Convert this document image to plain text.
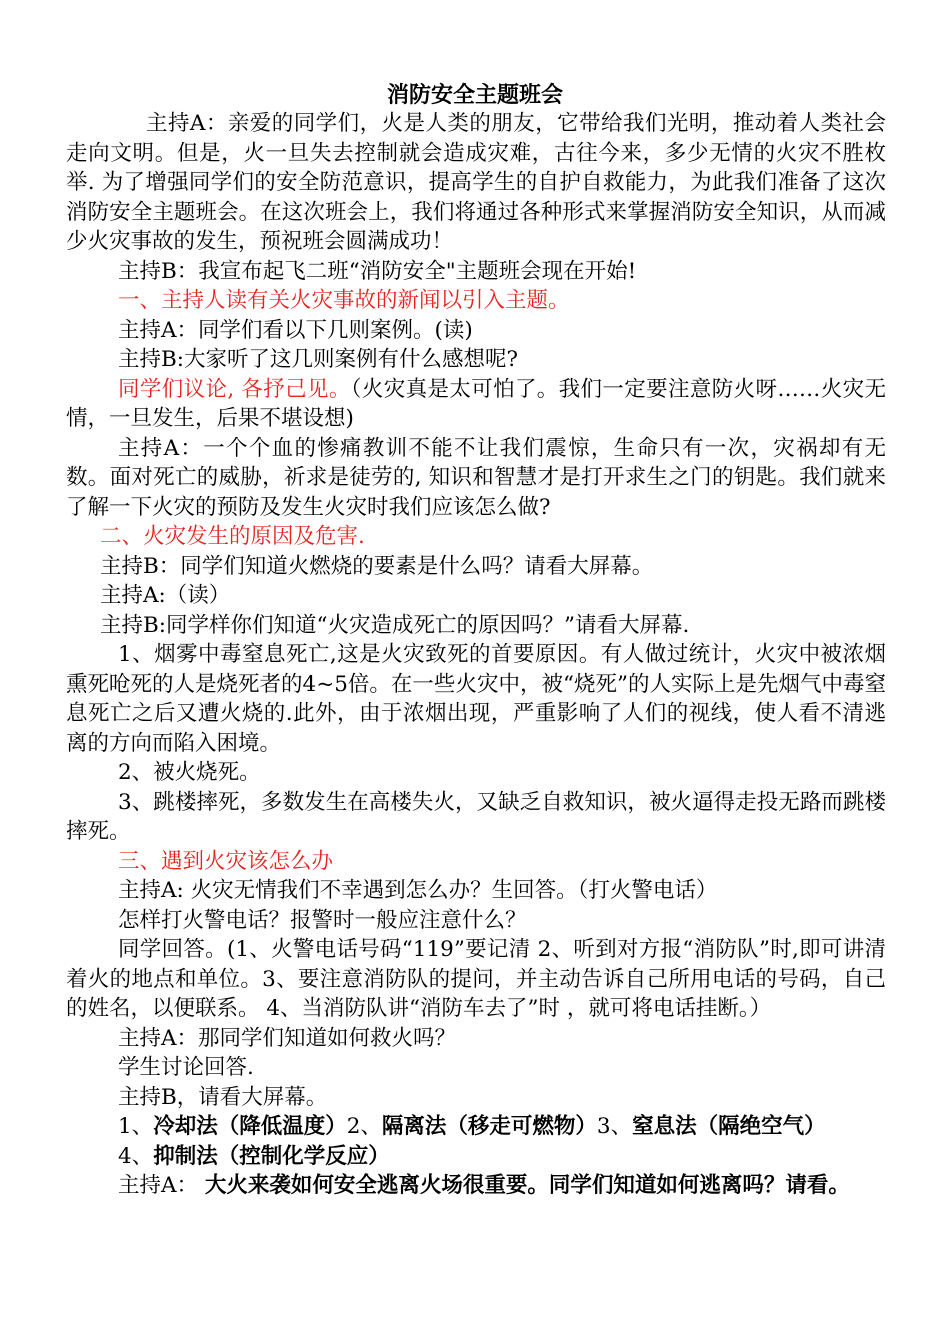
消防安全主题班会

主持A：亲爱的同学们，火是人类的朋友，它带给我们光明，推动着人类社会走向文明。但是，火一旦失去控制就会造成灾难，古往今来，多少无情的火灾不胜枚举. 为了增强同学们的安全防范意识，提高学生的自护自救能力，为此我们准备了这次消防安全主题班会。在这次班会上，我们将通过各种形式来掌握消防安全知识，从而减少火灾事故的发生，预祝班会圆满成功！

主持B：我宣布起飞二班“消防安全"主题班会现在开始!

一、主持人读有关火灾事故的新闻以引入主题。

主持A：同学们看以下几则案例。(读)

主持B:大家听了这几则案例有什么感想呢?

同学们议论, 各抒己见。（火灾真是太可怕了。我们一定要注意防火呀……火灾无情，一旦发生，后果不堪设想)

主持A：一个个血的惨痛教训不能不让我们震惊，生命只有一次，灾祸却有无数。面对死亡的威胁，祈求是徒劳的, 知识和智慧才是打开求生之门的钥匙。我们就来了解一下火灾的预防及发生火灾时我们应该怎么做?

二、火灾发生的原因及危害.

主持B：同学们知道火燃烧的要素是什么吗？请看大屏幕。

主持A:（读）

主持B:同学样你们知道“火灾造成死亡的原因吗？”请看大屏幕.

1、烟雾中毒窒息死亡,这是火灾致死的首要原因。有人做过统计，火灾中被浓烟熏死呛死的人是烧死者的4~5倍。在一些火灾中，被“烧死”的人实际上是先烟气中毒窒息死亡之后又遭火烧的.此外，由于浓烟出现，严重影响了人们的视线，使人看不清逃离的方向而陷入困境。

2、被火烧死。

3、跳楼摔死，多数发生在高楼失火，又缺乏自救知识，被火逼得走投无路而跳楼摔死。

三、遇到火灾该怎么办

主持A: 火灾无情我们不幸遇到怎么办？生回答。（打火警电话）

怎样打火警电话？报警时一般应注意什么？

同学回答。(1、火警电话号码“119”要记清 2、听到对方报“消防队”时,即可讲清着火的地点和单位。3、要注意消防队的提问，并主动告诉自己所用电话的号码，自己的姓名，以便联系。 4、当消防队讲“消防车去了”时 ，就可将电话挂断。）

主持A：那同学们知道如何救火吗？

学生讨论回答.

主持B，请看大屏幕。

1、冷却法（降低温度）2、隔离法（移走可燃物）3、窒息法（隔绝空气）

4、抑制法（控制化学反应）

主持A： 大火来袭如何安全逃离火场很重要。同学们知道如何逃离吗？请看。
